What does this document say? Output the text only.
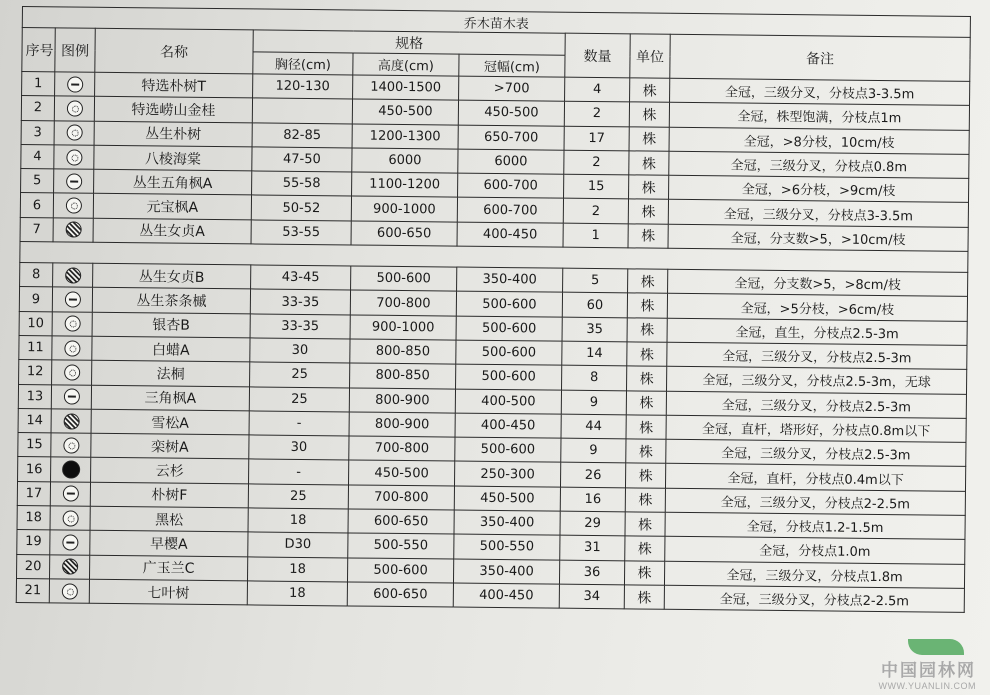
乔木苗木表								
序号	图例	名称	规格			数量	单位	备注
			胸径(cm)	高度(cm)	冠幅(cm)			
1		特选朴树T	120-130	1400-1500	>700	4	株	全冠，三级分叉，分枝点3-3.5m
2		特选崂山金桂		450-500	450-500	2	株	全冠，株型饱满，分枝点1m
3		丛生朴树	82-85	1200-1300	650-700	17	株	全冠，>8分枝，10cm/枝
4		八棱海棠	47-50	6000	6000	2	株	全冠，三级分叉，分枝点0.8m
5		丛生五角枫A	55-58	1100-1200	600-700	15	株	全冠，>6分枝，>9cm/枝
6		元宝枫A	50-52	900-1000	600-700	2	株	全冠，三级分叉，分枝点3-3.5m
7		丛生女贞A	53-55	600-650	400-450	1	株	全冠，分支数>5，>10cm/枝

8		丛生女贞B	43-45	500-600	350-400	5	株	全冠，分支数>5，>8cm/枝
9		丛生茶条槭	33-35	700-800	500-600	60	株	全冠，>5分枝，>6cm/枝
10		银杏B	33-35	900-1000	500-600	35	株	全冠，直生，分枝点2.5-3m
11		白蜡A	30	800-850	500-600	14	株	全冠，三级分叉，分枝点2.5-3m
12		法桐	25	800-850	500-600	8	株	全冠，三级分叉，分枝点2.5-3m，无球
13		三角枫A	25	800-900	400-500	9	株	全冠，三级分叉，分枝点2.5-3m
14		雪松A	-	800-900	400-450	44	株	全冠，直杆，塔形好，分枝点0.8m以下
15		栾树A	30	700-800	500-600	9	株	全冠，三级分叉，分枝点2.5-3m
16		云杉	-	450-500	250-300	26	株	全冠，直杆，分枝点0.4m以下
17		朴树F	25	700-800	450-500	16	株	全冠，三级分叉，分枝点2-2.5m
18		黑松	18	600-650	350-400	29	株	全冠，分枝点1.2-1.5m
19		早樱A	D30	500-550	500-550	31	株	全冠，分枝点1.0m
20		广玉兰C	18	500-600	350-400	36	株	全冠，三级分叉，分枝点1.8m
21		七叶树	18	600-650	400-450	34	株	全冠，三级分叉，分枝点2-2.5m
中国园林网
WWW.YUANLIN.COM
